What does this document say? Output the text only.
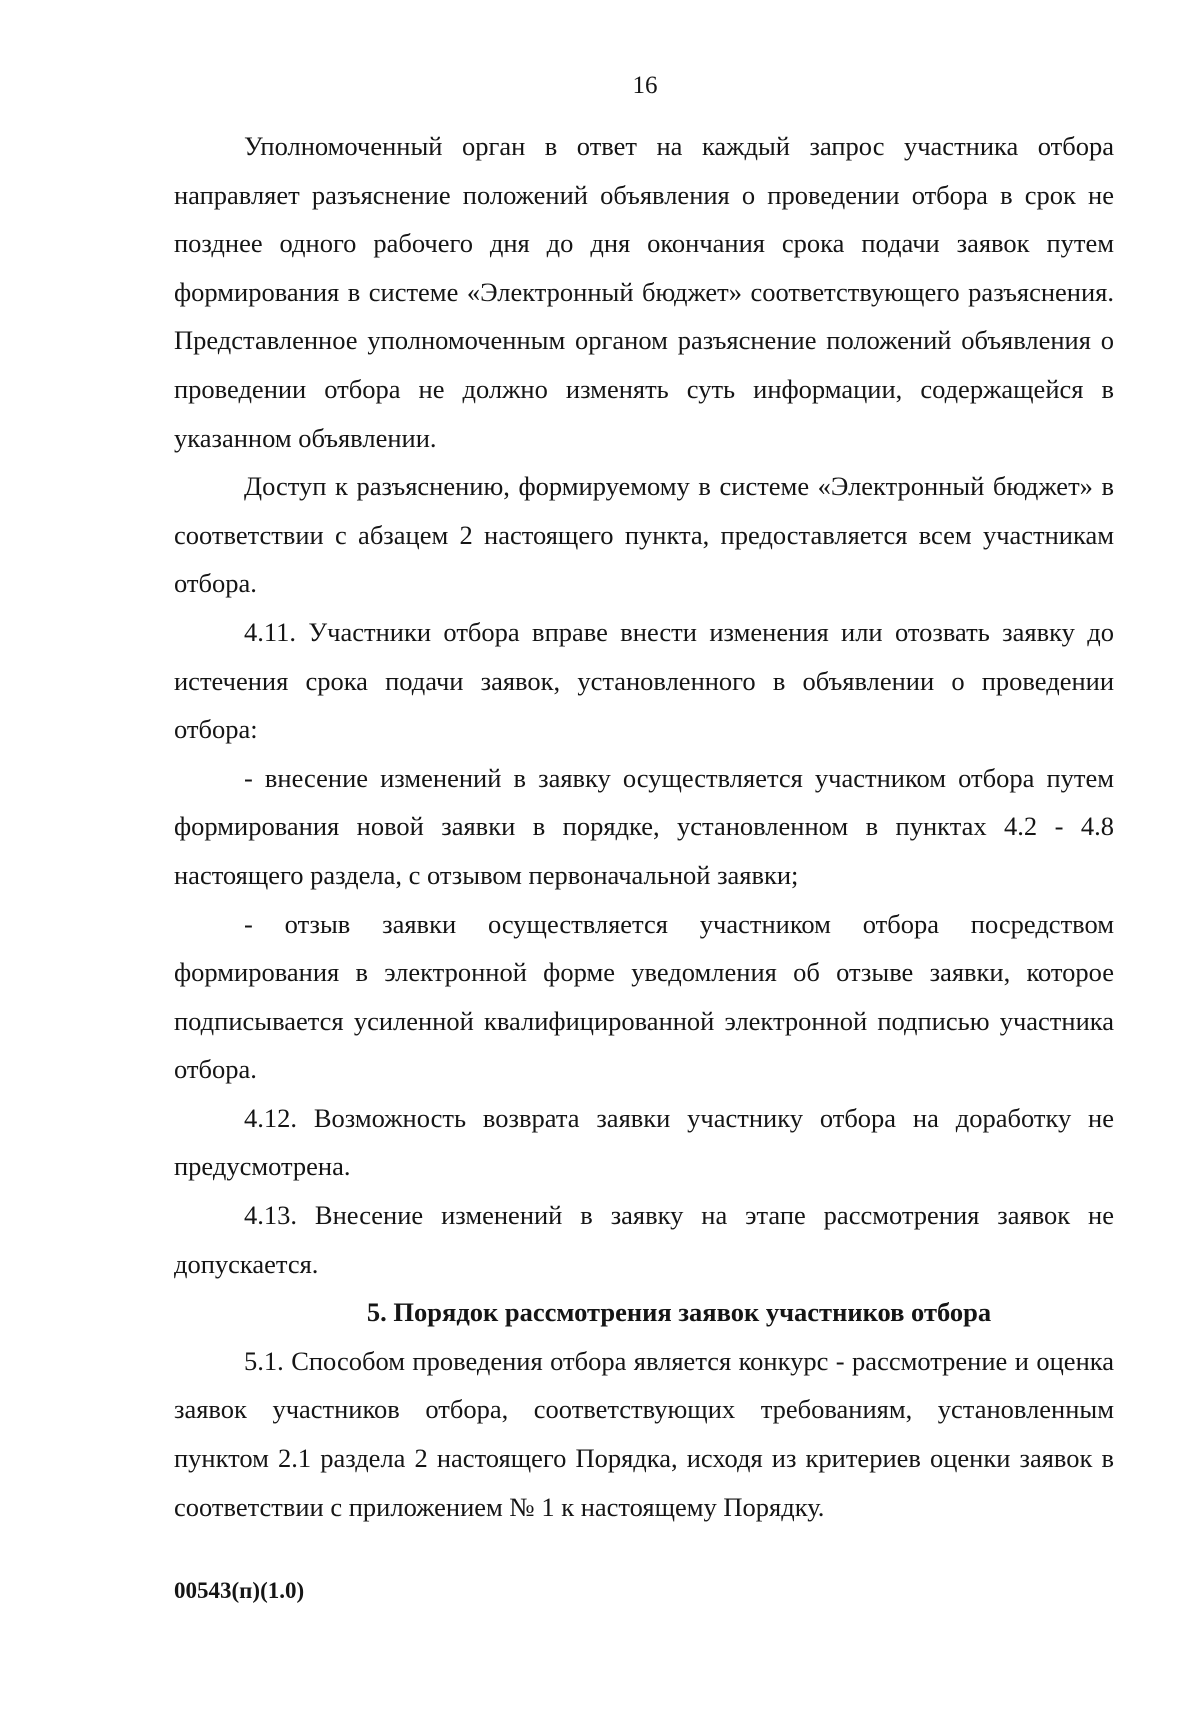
16

Уполномоченный орган в ответ на каждый запрос участника отбора направляет разъяснение положений объявления о проведении отбора в срок не позднее одного рабочего дня до дня окончания срока подачи заявок путем формирования в системе «Электронный бюджет» соответствующего разъяснения. Представленное уполномоченным органом разъяснение положений объявления о проведении отбора не должно изменять суть информации, содержащейся в указанном объявлении.

Доступ к разъяснению, формируемому в системе «Электронный бюджет» в соответствии с абзацем 2 настоящего пункта, предоставляется всем участникам отбора.

4.11. Участники отбора вправе внести изменения или отозвать заявку до истечения срока подачи заявок, установленного в объявлении о проведении отбора:

- внесение изменений в заявку осуществляется участником отбора путем формирования новой заявки в порядке, установленном в пунктах 4.2 - 4.8 настоящего раздела, с отзывом первоначальной заявки;

- отзыв заявки осуществляется участником отбора посредством формирования в электронной форме уведомления об отзыве заявки, которое подписывается усиленной квалифицированной электронной подписью участника отбора.

4.12. Возможность возврата заявки участнику отбора на доработку не предусмотрена.

4.13. Внесение изменений в заявку на этапе рассмотрения заявок не допускается.

5. Порядок рассмотрения заявок участников отбора

5.1. Способом проведения отбора является конкурс - рассмотрение и оценка заявок участников отбора, соответствующих требованиям, установленным пунктом 2.1 раздела 2 настоящего Порядка, исходя из критериев оценки заявок в соответствии с приложением № 1 к настоящему Порядку.

00543(п)(1.0)
